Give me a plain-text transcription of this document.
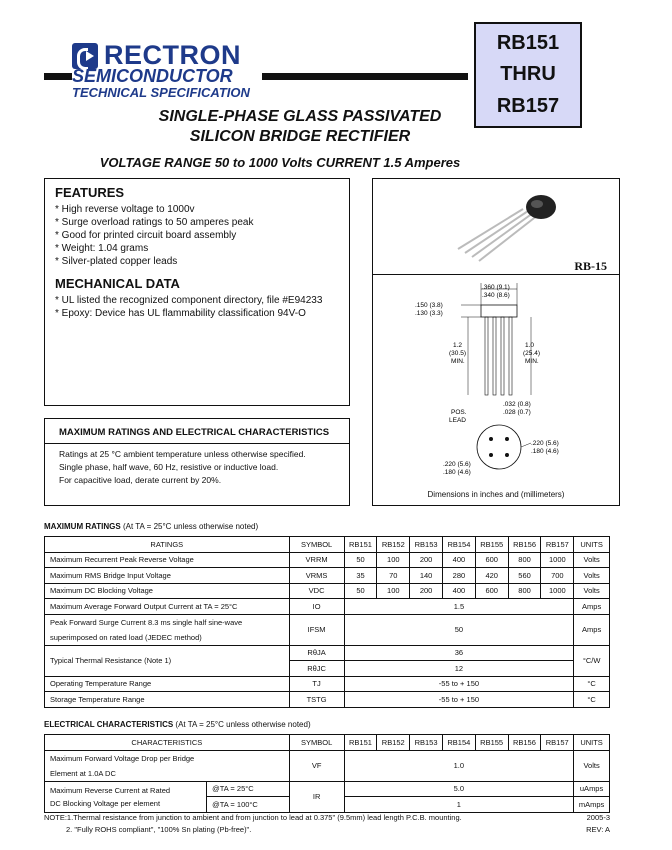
RECTRON
SEMICONDUCTOR
TECHNICAL SPECIFICATION
RB151
THRU
RB157
SINGLE-PHASE GLASS PASSIVATED
SILICON BRIDGE RECTIFIER
VOLTAGE RANGE 50 to 1000 Volts CURRENT 1.5 Amperes
FEATURES
* High reverse voltage to 1000v
* Surge overload ratings to 50 amperes peak
* Good for printed circuit board assembly
* Weight: 1.04 grams
* Silver-plated copper leads
MECHANICAL DATA
* UL listed the recognized component directory, file #E94233
* Epoxy: Device has UL flammability classification 94V-O
RB-15
.360 (9.1)
.340 (8.6)
.150 (3.8)
.130 (3.3)
1.2
(30.5)
MIN.
1.0
(25.4)
MIN.
.032 (0.8)
.028 (0.7)
POS.
LEAD
.220 (5.6)
.180 (4.6)
.220 (5.6)
.180 (4.6)
Dimensions in inches and (millimeters)
MAXIMUM RATINGS AND ELECTRICAL CHARACTERISTICS

Ratings at 25 °C ambient temperature unless otherwise specified.

Single phase, half wave, 60 Hz, resistive or inductive load.

For capacitive load, derate current by 20%.

MAXIMUM RATINGS (At TA = 25°C unless otherwise noted)
RATINGS	SYMBOL	RB151	RB152	RB153	RB154	RB155	RB156	RB157	UNITS
Maximum Recurrent Peak Reverse Voltage	VRRM	50	100	200	400	600	800	1000	Volts
Maximum RMS Bridge Input Voltage	VRMS	35	70	140	280	420	560	700	Volts
Maximum DC Blocking Voltage	VDC	50	100	200	400	600	800	1000	Volts
Maximum Average Forward Output Current at TA = 25°C	IO	1.5							Amps

Peak Forward Surge Current 8.3 ms single half sine-wave
superimposed on rated load (JEDEC method)	IFSM	50							Amps
Typical Thermal Resistance (Note 1)	RθJA	36							°C/W
	RθJC	12							
Operating Temperature Range	TJ	-55 to + 150							°C
Storage Temperature Range	TSTG	-55 to + 150							°C
ELECTRICAL CHARACTERISTICS (At TA = 25°C unless otherwise noted)
CHARACTERISTICS		SYMBOL	RB151	RB152	RB153	RB154	RB155	RB156	RB157	UNITS

Maximum Forward Voltage Drop per Bridge
Element at 1.0A DC		VF	1.0							Volts

Maximum Reverse Current at Rated
DC Blocking Voltage per element	@TA = 25°C	IR	5.0							uAmps
	@TA = 100°C		1							mAmps
NOTE:1.Thermal resistance from junction to ambient and from junction to lead at 0.375" (9.5mm) lead length P.C.B. mounting.
2. "Fully ROHS compliant", "100% Sn plating (Pb-free)".
2005-3
REV: A
